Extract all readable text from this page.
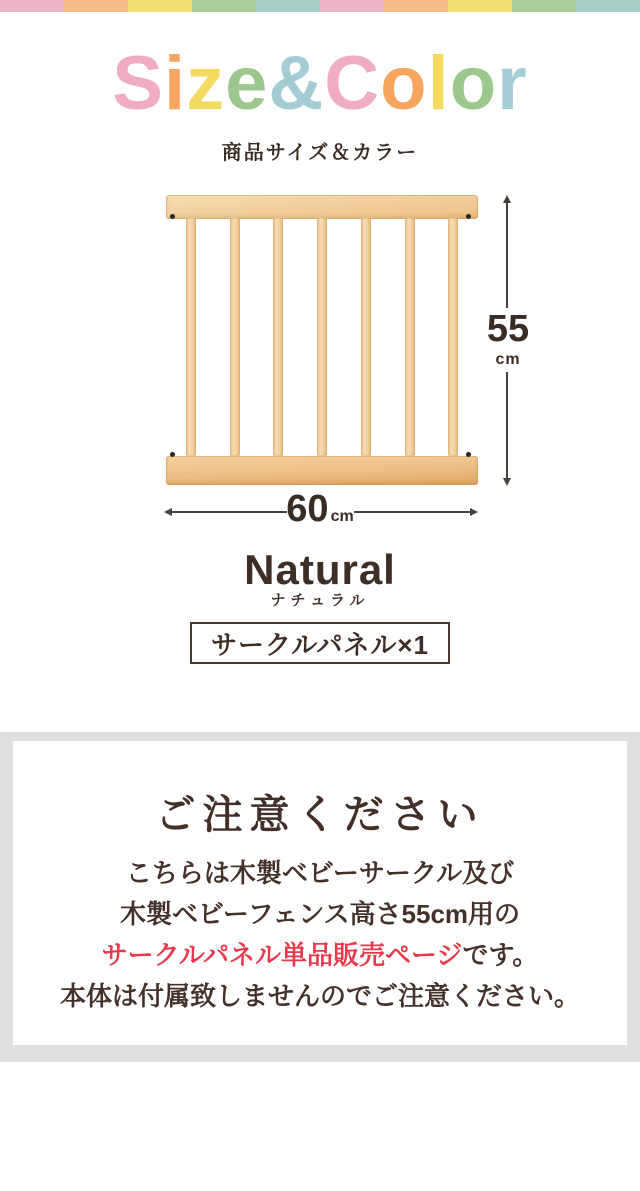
Size&Color
商品サイズ＆カラー
55
cm
60 cm
Natural
ナチュラル
サークルパネル×1
ご注意ください
こちらは木製ベビーサークル及び
木製ベビーフェンス高さ55cm用の
サークルパネル単品販売ページです。
本体は付属致しませんのでご注意ください。
